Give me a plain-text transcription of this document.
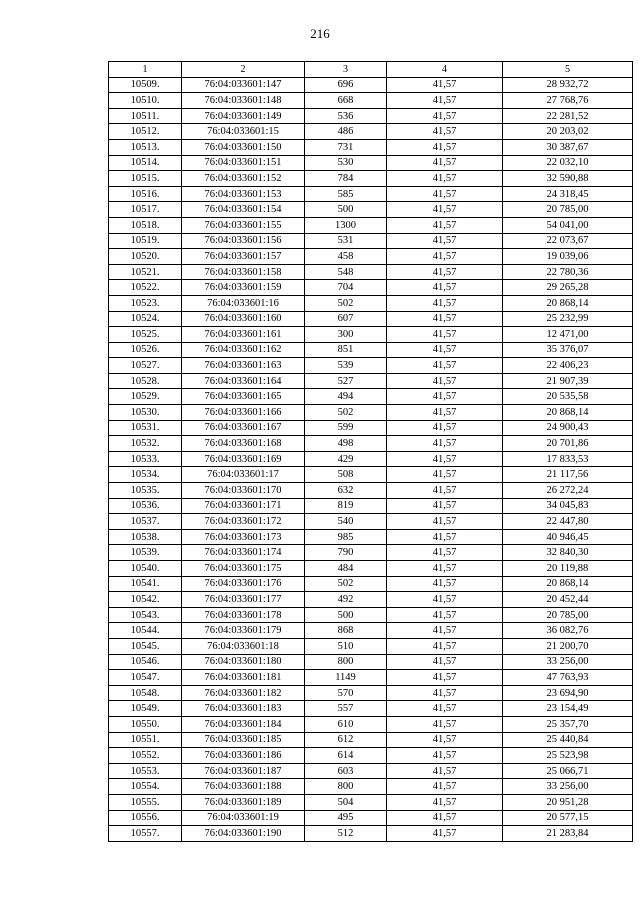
216
1	2	3	4	5
10509.	76:04:033601:147	696	41,57	28 932,72
10510.	76:04:033601:148	668	41,57	27 768,76
10511.	76:04:033601:149	536	41,57	22 281,52
10512.	76:04:033601:15	486	41,57	20 203,02
10513.	76:04:033601:150	731	41,57	30 387,67
10514.	76:04:033601:151	530	41,57	22 032,10
10515.	76:04:033601:152	784	41,57	32 590,88
10516.	76:04:033601:153	585	41,57	24 318,45
10517.	76:04:033601:154	500	41,57	20 785,00
10518.	76:04:033601:155	1300	41,57	54 041,00
10519.	76:04:033601:156	531	41,57	22 073,67
10520.	76:04:033601:157	458	41,57	19 039,06
10521.	76:04:033601:158	548	41,57	22 780,36
10522.	76:04:033601:159	704	41,57	29 265,28
10523.	76:04:033601:16	502	41,57	20 868,14
10524.	76:04:033601:160	607	41,57	25 232,99
10525.	76:04:033601:161	300	41,57	12 471,00
10526.	76:04:033601:162	851	41,57	35 376,07
10527.	76:04:033601:163	539	41,57	22 406,23
10528.	76:04:033601:164	527	41,57	21 907,39
10529.	76:04:033601:165	494	41,57	20 535,58
10530.	76:04:033601:166	502	41,57	20 868,14
10531.	76:04:033601:167	599	41,57	24 900,43
10532.	76:04:033601:168	498	41,57	20 701,86
10533.	76:04:033601:169	429	41,57	17 833,53
10534.	76:04:033601:17	508	41,57	21 117,56
10535.	76:04:033601:170	632	41,57	26 272,24
10536.	76:04:033601:171	819	41,57	34 045,83
10537.	76:04:033601:172	540	41,57	22 447,80
10538.	76:04:033601:173	985	41,57	40 946,45
10539.	76:04:033601:174	790	41,57	32 840,30
10540.	76:04:033601:175	484	41,57	20 119,88
10541.	76:04:033601:176	502	41,57	20 868,14
10542.	76:04:033601:177	492	41,57	20 452,44
10543.	76:04:033601:178	500	41,57	20 785,00
10544.	76:04:033601:179	868	41,57	36 082,76
10545.	76:04:033601:18	510	41,57	21 200,70
10546.	76:04:033601:180	800	41,57	33 256,00
10547.	76:04:033601:181	1149	41,57	47 763,93
10548.	76:04:033601:182	570	41,57	23 694,90
10549.	76:04:033601:183	557	41,57	23 154,49
10550.	76:04:033601:184	610	41,57	25 357,70
10551.	76:04:033601:185	612	41,57	25 440,84
10552.	76:04:033601:186	614	41,57	25 523,98
10553.	76:04:033601:187	603	41,57	25 066,71
10554.	76:04:033601:188	800	41,57	33 256,00
10555.	76:04:033601:189	504	41,57	20 951,28
10556.	76:04:033601:19	495	41,57	20 577,15
10557.	76:04:033601:190	512	41,57	21 283,84
